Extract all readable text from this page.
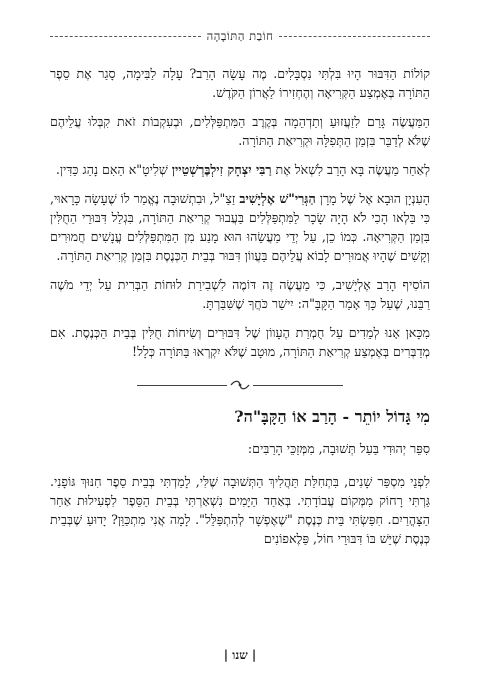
חוֹבַת הַתּוֹבָהָה

קוֹלוֹת הַדִּבּוּר הָיוּ בִּלְתִּי נִסְבָּלִים. מֶה עָשָׂה הָרַב? עָלָה לַבִּימָה, סָגַר אֶת סֵפֶר הַתּוֹרָה בְּאֶמְצַע הַקְּרִיאָה וְהֶחְזִירוֹ לַאֲרוֹן הַקֹּדֶשׁ.

הַמַּעֲשֶׂה גָּרַם לִזַעֲזוּעַ וְתַדְהֵמָה בְּקֶרֶב הַמִּתְפַּלְּלִים, וּבְעִקְבוֹת זֹאת קִבְּלוּ עֲלֵיהֶם שֶׁלֹּא לְדַבֵּר בִּזְמַן הַתְּפִלָּה וּקְרִיאַת הַתּוֹרָה.

לְאַחַר מַעֲשֶׂה בָּא הָרַב לִשְׁאֹל אֶת רַבִּי יִצְחָק זִילְבֶּרְשְׁטֵיין שְׁלִיטָ"א הַאִם נָהַג כַּדִּין.

הָעִנְיָן הוּבָא אֶל שֶׁל מָרָן הַגְּרִי"שׁ אֶלְיָשִׁיב זַצַ"ל, וּבִתְשׁוּבָה נֶאֱמַר לוֹ שֶׁעָשָׂה כָּרָאוּי, כִּי בַּלְאו הָכִי לֹא הָיָה שָׂכָר לַמִּתְפַּלְּלִים בַּעֲבוּר קְרִיאַת הַתּוֹרָה, בִּגְלַל דִּבּוּרֵי הַחֻלִּין בִּזְמַן הַקְּרִיאָה. כְּמוֹ כֵן, עַל יְדֵי מַעֲשֵׂהוּ הוּא מָנַע מִן הַמִּתְפַּלְּלִים עֳנָשִׁים חֲמוּרִים וְקָשִׁים שֶׁהָיוּ אֲמוּרִים לָבוֹא עֲלֵיהֶם בַּעֲווֹן דִּבּוּר בְּבֵית הַכְּנֶסֶת בִּזְמַן קְרִיאַת הַתּוֹרָה.

הוֹסִיף הָרַב אֶלְיָשִׁיב, כִּי מַעֲשֶׂה זֶה דּוֹמֶה לִשְׁבִירַת לוּחוֹת הַבְּרִית עַל יְדֵי מֹשֶׁה רַבֵּנוּ, שֶׁעַל כָּךְ אָמַר הַקָּבָּ"ה: יִישַׁר כֹּחֲךָ שֶׁשִּׁבַּרְתָּ.

מִכָּאן אָנוּ לְמֵדִים עַל חֻמְרַת הֶעָווֹן שֶׁל דִּבּוּרִים וְשִׂיחוֹת חֻלִּין בְּבֵית הַכְּנֶסֶת. אִם מְדַבְּרִים בְּאֶמְצַע קְרִיאַת הַתּוֹרָה, מוּטָב שֶׁלֹּא יִקְרְאוּ בַּתּוֹרָה כְּלָל!

מִי גָּדוֹל יוֹתֵר - הָרַב אוֹ הַקָּבָּ"ה?

סִפֵּר יְהוּדִי בַּעַל תְּשׁוּבָה, מִמְּזַכֵּי הָרַבִּים:

לִפְנֵי מִסְפַּר שָׁנִים, בִּתְחִלַּת תַּהֲלִיךְ הַתְּשׁוּבָה שֶׁלִּי, לָמַדְתִּי בְּבֵית סֵפֶר חִנּוּךְ גּוֹפָנִי. גַּרְתִּי רָחוֹק מִמְּקוֹם עֲבוֹדָתִי. בְּאַחַד הַיָּמִים נִשְׁאַרְתִּי בְּבֵית הַסֵּפֶר לִפְעִילוּת אַחַר הַצָּהֳרַיִם. חִפַּשְׂתִּי בֵּית כְּנֶסֶת "שֶׁאֶפְשָׁר לְהִתְפַּלֵּל". לָמָה אֲנִי מִתְכַּוֵּן? יָדוּעַ שֶׁבְּבֵית כְּנֶסֶת שֶׁיֵּשׁ בּוֹ דִּבּוּרֵי חוֹל, פַּלֶאפוֹנִים

| שנו |
